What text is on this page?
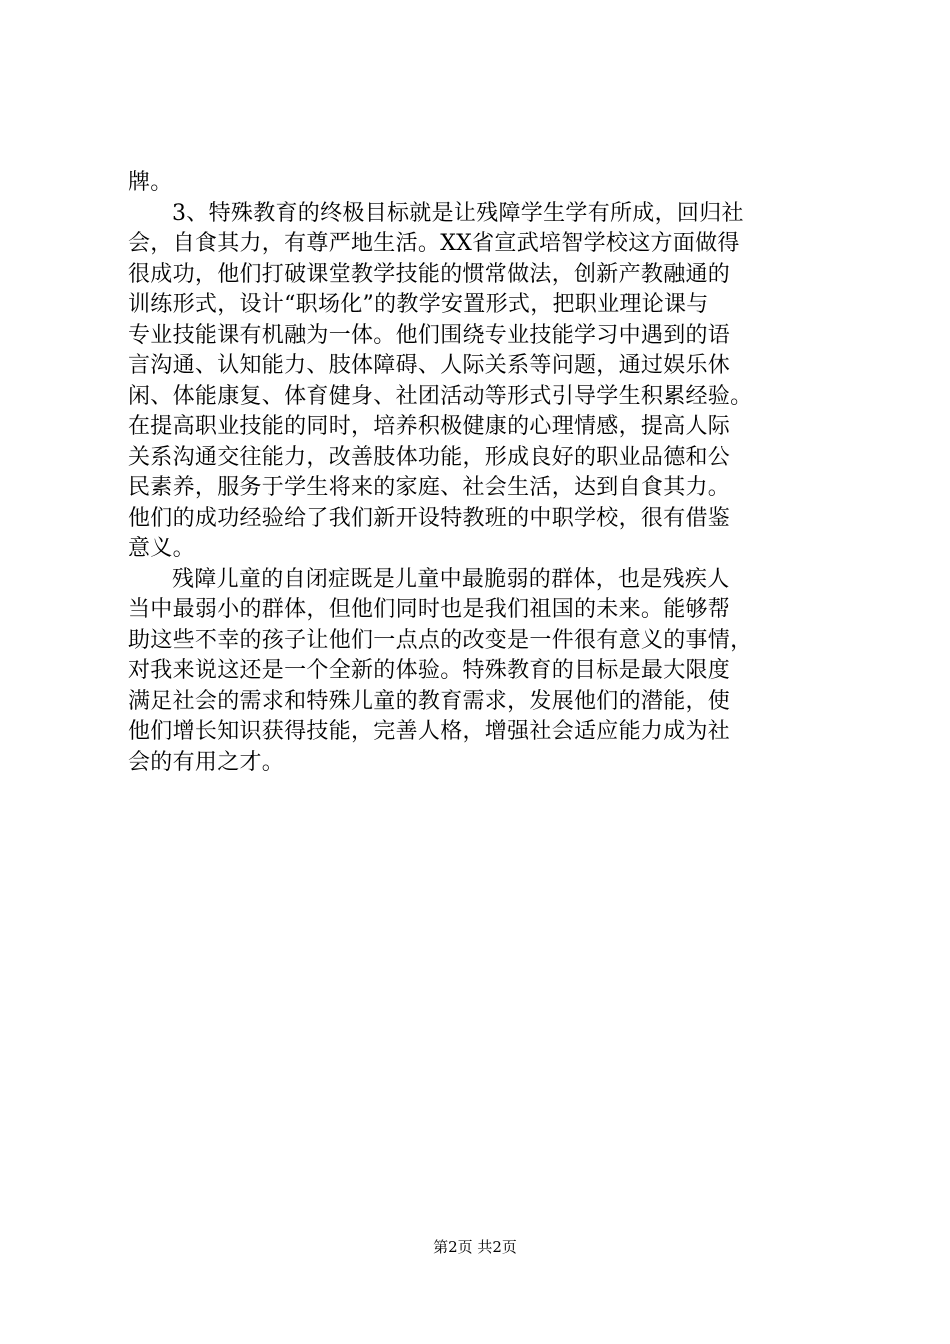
牌。
3、特殊教育的终极目标就是让残障学生学有所成，回归社
会，自食其力，有尊严地生活。XX省宣武培智学校这方面做得
很成功，他们打破课堂教学技能的惯常做法，创新产教融通的
训练形式，设计“职场化”的教学安置形式，把职业理论课与
专业技能课有机融为一体。他们围绕专业技能学习中遇到的语
言沟通、认知能力、肢体障碍、人际关系等问题，通过娱乐休
闲、体能康复、体育健身、社团活动等形式引导学生积累经验。
在提高职业技能的同时，培养积极健康的心理情感，提高人际
关系沟通交往能力，改善肢体功能，形成良好的职业品德和公
民素养，服务于学生将来的家庭、社会生活，达到自食其力。
他们的成功经验给了我们新开设特教班的中职学校，很有借鉴
意义。
残障儿童的自闭症既是儿童中最脆弱的群体，也是残疾人
当中最弱小的群体，但他们同时也是我们祖国的未来。能够帮
助这些不幸的孩子让他们一点点的改变是一件很有意义的事情，
对我来说这还是一个全新的体验。特殊教育的目标是最大限度
满足社会的需求和特殊儿童的教育需求，发展他们的潜能，使
他们增长知识获得技能，完善人格，增强社会适应能力成为社
会的有用之才。
第2页 共2页
